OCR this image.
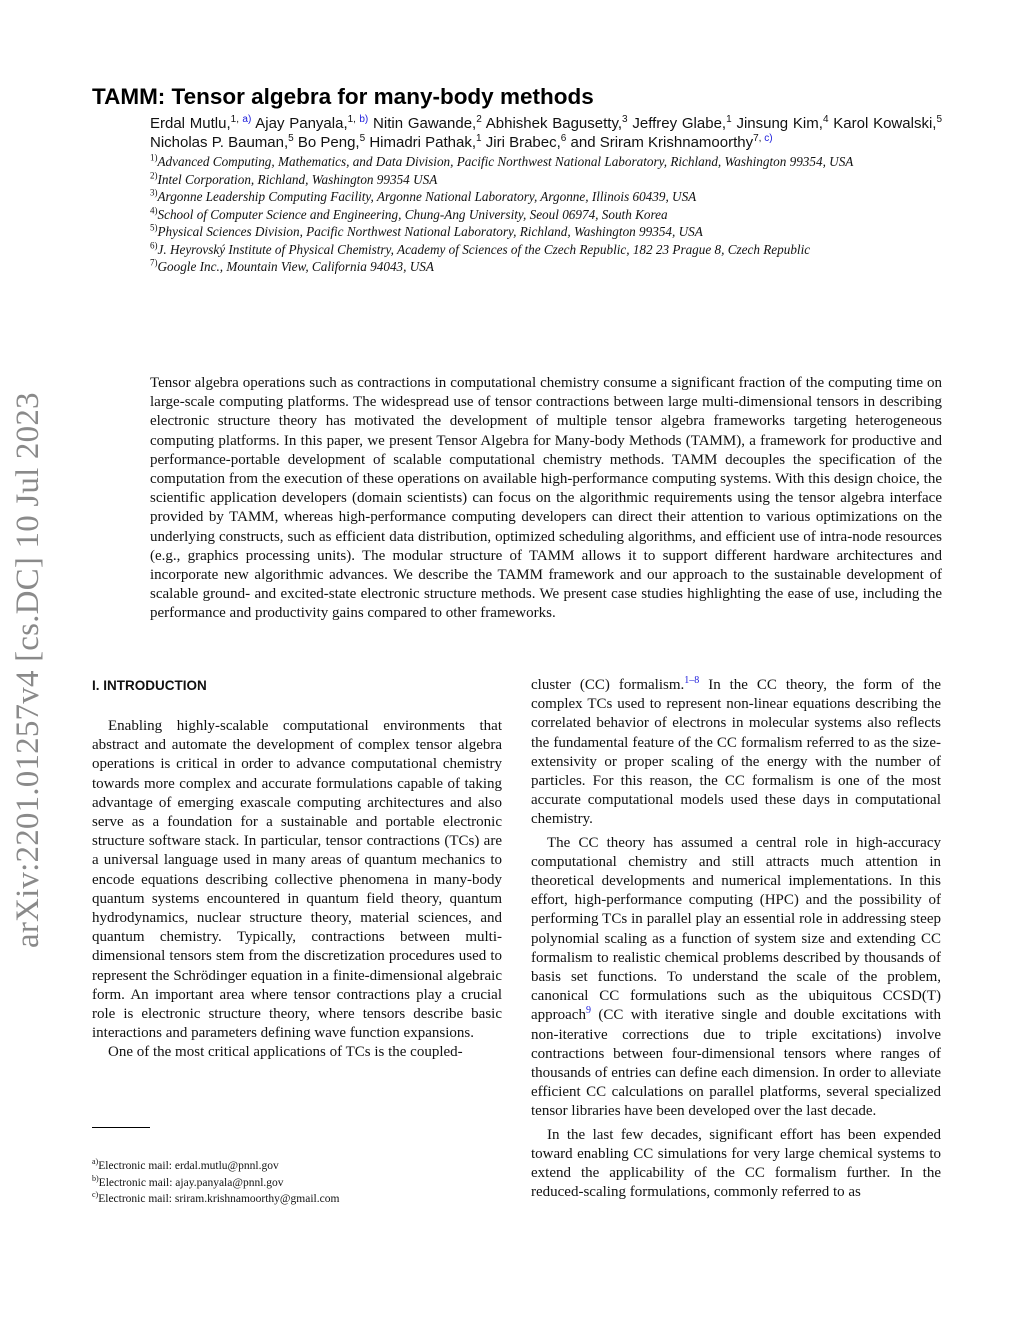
arXiv:2201.01257v4 [cs.DC] 10 Jul 2023
TAMM: Tensor algebra for many-body methods
Erdal Mutlu,$^{1, a)}$ Ajay Panyala,$^{1, b)}$ Nitin Gawande,$^2$ Abhishek Bagusetty,$^3$ Jeffrey Glabe,$^1$ Jinsung Kim,$^4$ Karol Kowalski,$^5$ Nicholas P. Bauman,$^5$ Bo Peng,$^5$ Himadri Pathak,$^1$ Jiri Brabec,$^6$ and Sriram Krishnamoorthy$^{7, c)}$

$^{1)}$Advanced Computing, Mathematics, and Data Division, Pacific Northwest National Laboratory, Richland, Washington 99354, USA

$^{2)}$Intel Corporation, Richland, Washington 99354 USA

$^{3)}$Argonne Leadership Computing Facility, Argonne National Laboratory, Argonne, Illinois 60439, USA

$^{4)}$School of Computer Science and Engineering, Chung-Ang University, Seoul 06974, South Korea

$^{5)}$Physical Sciences Division, Pacific Northwest National Laboratory, Richland, Washington 99354, USA

$^{6)}$J. Heyrovský Institute of Physical Chemistry, Academy of Sciences of the Czech Republic, 182 23 Prague 8, Czech Republic

$^{7)}$Google Inc., Mountain View, California 94043, USA

Tensor algebra operations such as contractions in computational chemistry consume a significant fraction of the computing time on large-scale computing platforms. The widespread use of tensor contractions between large multi-dimensional tensors in describing electronic structure theory has motivated the development of multiple tensor algebra frameworks targeting heterogeneous computing platforms. In this paper, we present Tensor Algebra for Many-body Methods (TAMM), a framework for productive and performance-portable development of scalable computational chemistry methods. TAMM decouples the specification of the computation from the execution of these operations on available high-performance computing systems. With this design choice, the scientific application developers (domain scientists) can focus on the algorithmic requirements using the tensor algebra interface provided by TAMM, whereas high-performance computing developers can direct their attention to various optimizations on the underlying constructs, such as efficient data distribution, optimized scheduling algorithms, and efficient use of intra-node resources (e.g., graphics processing units). The modular structure of TAMM allows it to support different hardware architectures and incorporate new algorithmic advances. We describe the TAMM framework and our approach to the sustainable development of scalable ground- and excited-state electronic structure methods. We present case studies highlighting the ease of use, including the performance and productivity gains compared to other frameworks.

I. INTRODUCTION

Enabling highly-scalable computational environments that abstract and automate the development of complex tensor algebra operations is critical in order to advance computational chemistry towards more complex and accurate formulations capable of taking advantage of emerging exascale computing architectures and also serve as a foundation for a sustainable and portable electronic structure software stack. In particular, tensor contractions (TCs) are a universal language used in many areas of quantum mechanics to encode equations describing collective phenomena in many-body quantum systems encountered in quantum field theory, quantum hydrodynamics, nuclear structure theory, material sciences, and quantum chemistry. Typically, contractions between multi-dimensional tensors stem from the discretization procedures used to represent the Schrödinger equation in a finite-dimensional algebraic form. An important area where tensor contractions play a crucial role is electronic structure theory, where tensors describe basic interactions and parameters defining wave function expansions.

One of the most critical applications of TCs is the coupled-

cluster (CC) formalism.$^{1-8}$ In the CC theory, the form of the complex TCs used to represent non-linear equations describing the correlated behavior of electrons in molecular systems also reflects the fundamental feature of the CC formalism referred to as the size-extensivity or proper scaling of the energy with the number of particles. For this reason, the CC formalism is one of the most accurate computational models used these days in computational chemistry.

The CC theory has assumed a central role in high-accuracy computational chemistry and still attracts much attention in theoretical developments and numerical implementations. In this effort, high-performance computing (HPC) and the possibility of performing TCs in parallel play an essential role in addressing steep polynomial scaling as a function of system size and extending CC formalism to realistic chemical problems described by thousands of basis set functions. To understand the scale of the problem, canonical CC formulations such as the ubiquitous CCSD(T) approach$^9$ (CC with iterative single and double excitations with non-iterative corrections due to triple excitations) involve contractions between four-dimensional tensors where ranges of thousands of entries can define each dimension. In order to alleviate efficient CC calculations on parallel platforms, several specialized tensor libraries have been developed over the last decade.

In the last few decades, significant effort has been expended toward enabling CC simulations for very large chemical systems to extend the applicability of the CC formalism further. In the reduced-scaling formulations, commonly referred to as

$^{a)}$Electronic mail: erdal.mutlu@pnnl.gov

$^{b)}$Electronic mail: ajay.panyala@pnnl.gov

$^{c)}$Electronic mail: sriram.krishnamoorthy@gmail.com
